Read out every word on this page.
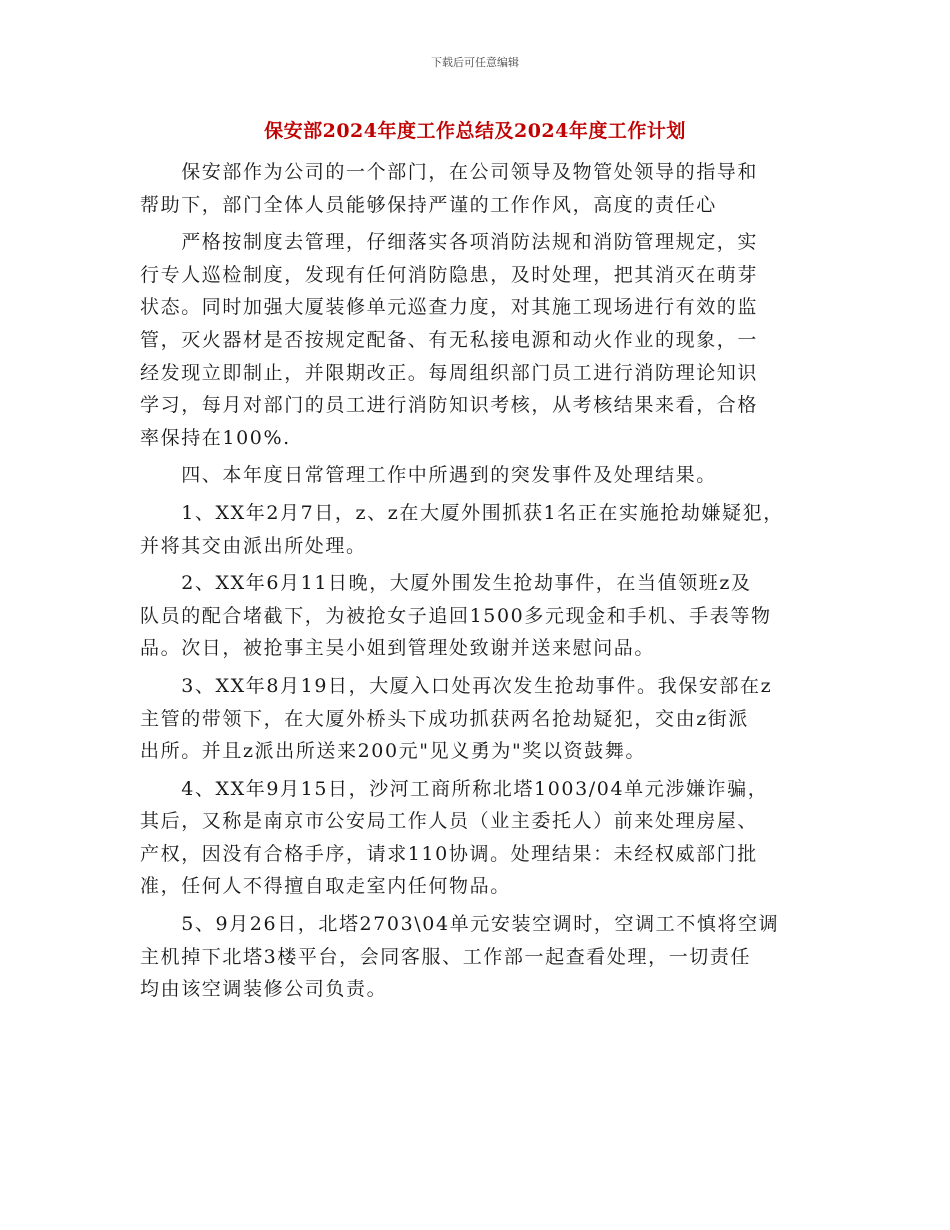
下载后可任意编辑
保安部2024年度工作总结及2024年度工作计划
　　保安部作为公司的一个部门，在公司领导及物管处领导的指导和
帮助下，部门全体人员能够保持严谨的工作作风，高度的责任心
　　严格按制度去管理，仔细落实各项消防法规和消防管理规定，实
行专人巡检制度，发现有任何消防隐患，及时处理，把其消灭在萌芽
状态。同时加强大厦装修单元巡查力度，对其施工现场进行有效的监
管，灭火器材是否按规定配备、有无私接电源和动火作业的现象，一
经发现立即制止，并限期改正。每周组织部门员工进行消防理论知识
学习，每月对部门的员工进行消防知识考核，从考核结果来看，合格
率保持在100%.
　　四、本年度日常管理工作中所遇到的突发事件及处理结果。
　　1、XX年2月7日，z、z在大厦外围抓获1名正在实施抢劫嫌疑犯，
并将其交由派出所处理。
　　2、XX年6月11日晚，大厦外围发生抢劫事件，在当值领班z及
队员的配合堵截下，为被抢女子追回1500多元现金和手机、手表等物
品。次日，被抢事主吴小姐到管理处致谢并送来慰问品。
　　3、XX年8月19日，大厦入口处再次发生抢劫事件。我保安部在z
主管的带领下，在大厦外桥头下成功抓获两名抢劫疑犯，交由z街派
出所。并且z派出所送来200元"见义勇为"奖以资鼓舞。
　　4、XX年9月15日，沙河工商所称北塔1003/04单元涉嫌诈骗，
其后，又称是南京市公安局工作人员（业主委托人）前来处理房屋、
产权，因没有合格手序，请求110协调。处理结果：未经权威部门批
准，任何人不得擅自取走室内任何物品。
　　5、9月26日，北塔2703\04单元安装空调时，空调工不慎将空调
主机掉下北塔3楼平台，会同客服、工作部一起查看处理，一切责任
均由该空调装修公司负责。
